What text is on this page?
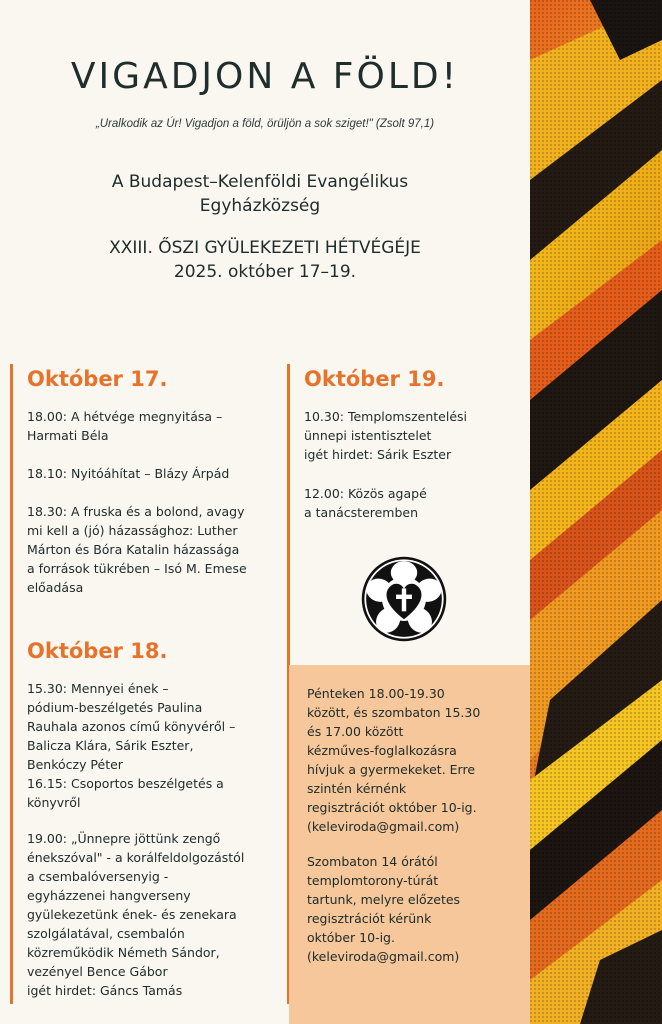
VIGADJON A FÖLD!
„Uralkodik az Úr! Vigadjon a föld, örüljön a sok sziget!" (Zsolt 97,1)
A Budapest–Kelenföldi Evangélikus
Egyházközség
XXIII. ŐSZI GYÜLEKEZETI HÉTVÉGÉJE
2025. október 17–19.
Október 17.
18.00: A hétvége megnyitása –
Harmati Béla
18.10: Nyitóáhítat – Blázy Árpád
18.30: A fruska és a bolond, avagy
mi kell a (jó) házassághoz: Luther
Márton és Bóra Katalin házassága
a források tükrében – Isó M. Emese
előadása
Október 18.
15.30: Mennyei ének –
pódium-beszélgetés Paulina
Rauhala azonos című könyvéről –
Balicza Klára, Sárik Eszter,
Benkóczy Péter
16.15: Csoportos beszélgetés a
könyvről
19.00: „Ünnepre jöttünk zengő
énekszóval" - a korálfeldolgozástól
a csembalóversenyig -
egyházzenei hangverseny
gyülekezetünk ének- és zenekara
szolgálatával, csembalón
közreműködik Németh Sándor,
vezényel Bence Gábor
igét hirdet: Gáncs Tamás
Október 19.
10.30: Templomszentelési
ünnepi istentisztelet
igét hirdet: Sárik Eszter
12.00: Közös agapé
a tanácsteremben
Pénteken 18.00-19.30
között, és szombaton 15.30
és 17.00 között
kézműves-foglalkozásra
hívjuk a gyermekeket. Erre
szintén kérnénk
regisztrációt október 10-ig.
(keleviroda@gmail.com)
Szombaton 14 órától
templomtorony-túrát
tartunk, melyre előzetes
regisztrációt kérünk
október 10-ig.
(keleviroda@gmail.com)
